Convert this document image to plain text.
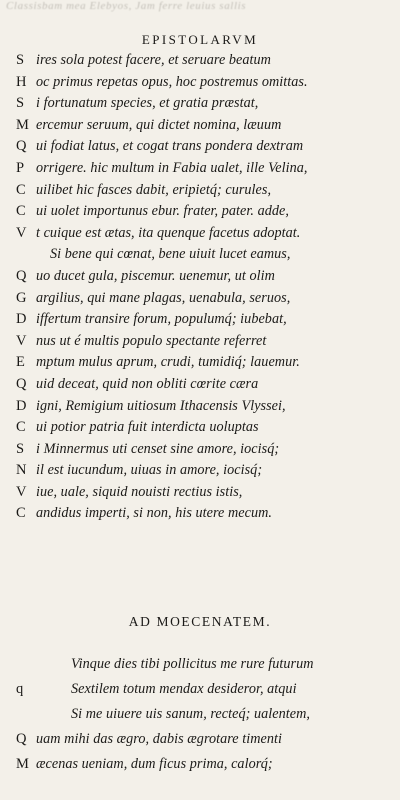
Classisbam mea Elebyos, Jam ferre leuius sallis
EPISTOLARVM
S ires sola potest facere, et seruare beatum
H oc primus repetas opus, hoc postremus omittas.
S i fortunatum species, et gratia præstat,
M ercemur seruum, qui dictet nomina, læuum
Q ui fodiat latus, et cogat trans pondera dextram
P orrigere. hic multum in Fabia ualet, ille Velina,
C uilibet hic fasces dabit, eripietq́; curules,
C ui uolet importunus ebur. frater, pater. adde,
V t cuique est ætas, ita quenque facetus adoptat.
Si bene qui cœnat, bene uiuit lucet eamus,
Q uo ducet gula, piscemur. uenemur, ut olim
G argilius, qui mane plagas, uenabula, seruos,
D iffertum transire forum, populumq́; iubebat,
V nus ut é multis populo spectante referret
E mptum mulus aprum, crudi, tumidiq́; lauemur.
Q uid deceat, quid non obliti cœrite cæra
D igni, Remigium uitiosum Ithacensis Vlyssei,
C ui potior patria fuit interdicta uoluptas
S i Minnermus uti censet sine amore, iocisq́;
N il est iucundum, uiuas in amore, iocisq́;
V iue, uale, siquid nouisti rectius istis,
C andidus imperti, si non, his utere mecum.
AD MOECENATEM.
Vinque dies tibi pollicitus me rure futurum
q	Sextilem totum mendax desideror, atqui
Si me uiuere uis sanum, recteq́; ualentem,
Q uam mihi das ægro, dabis ægrotare timenti
M æcenas ueniam, dum ficus prima, calorq́;
